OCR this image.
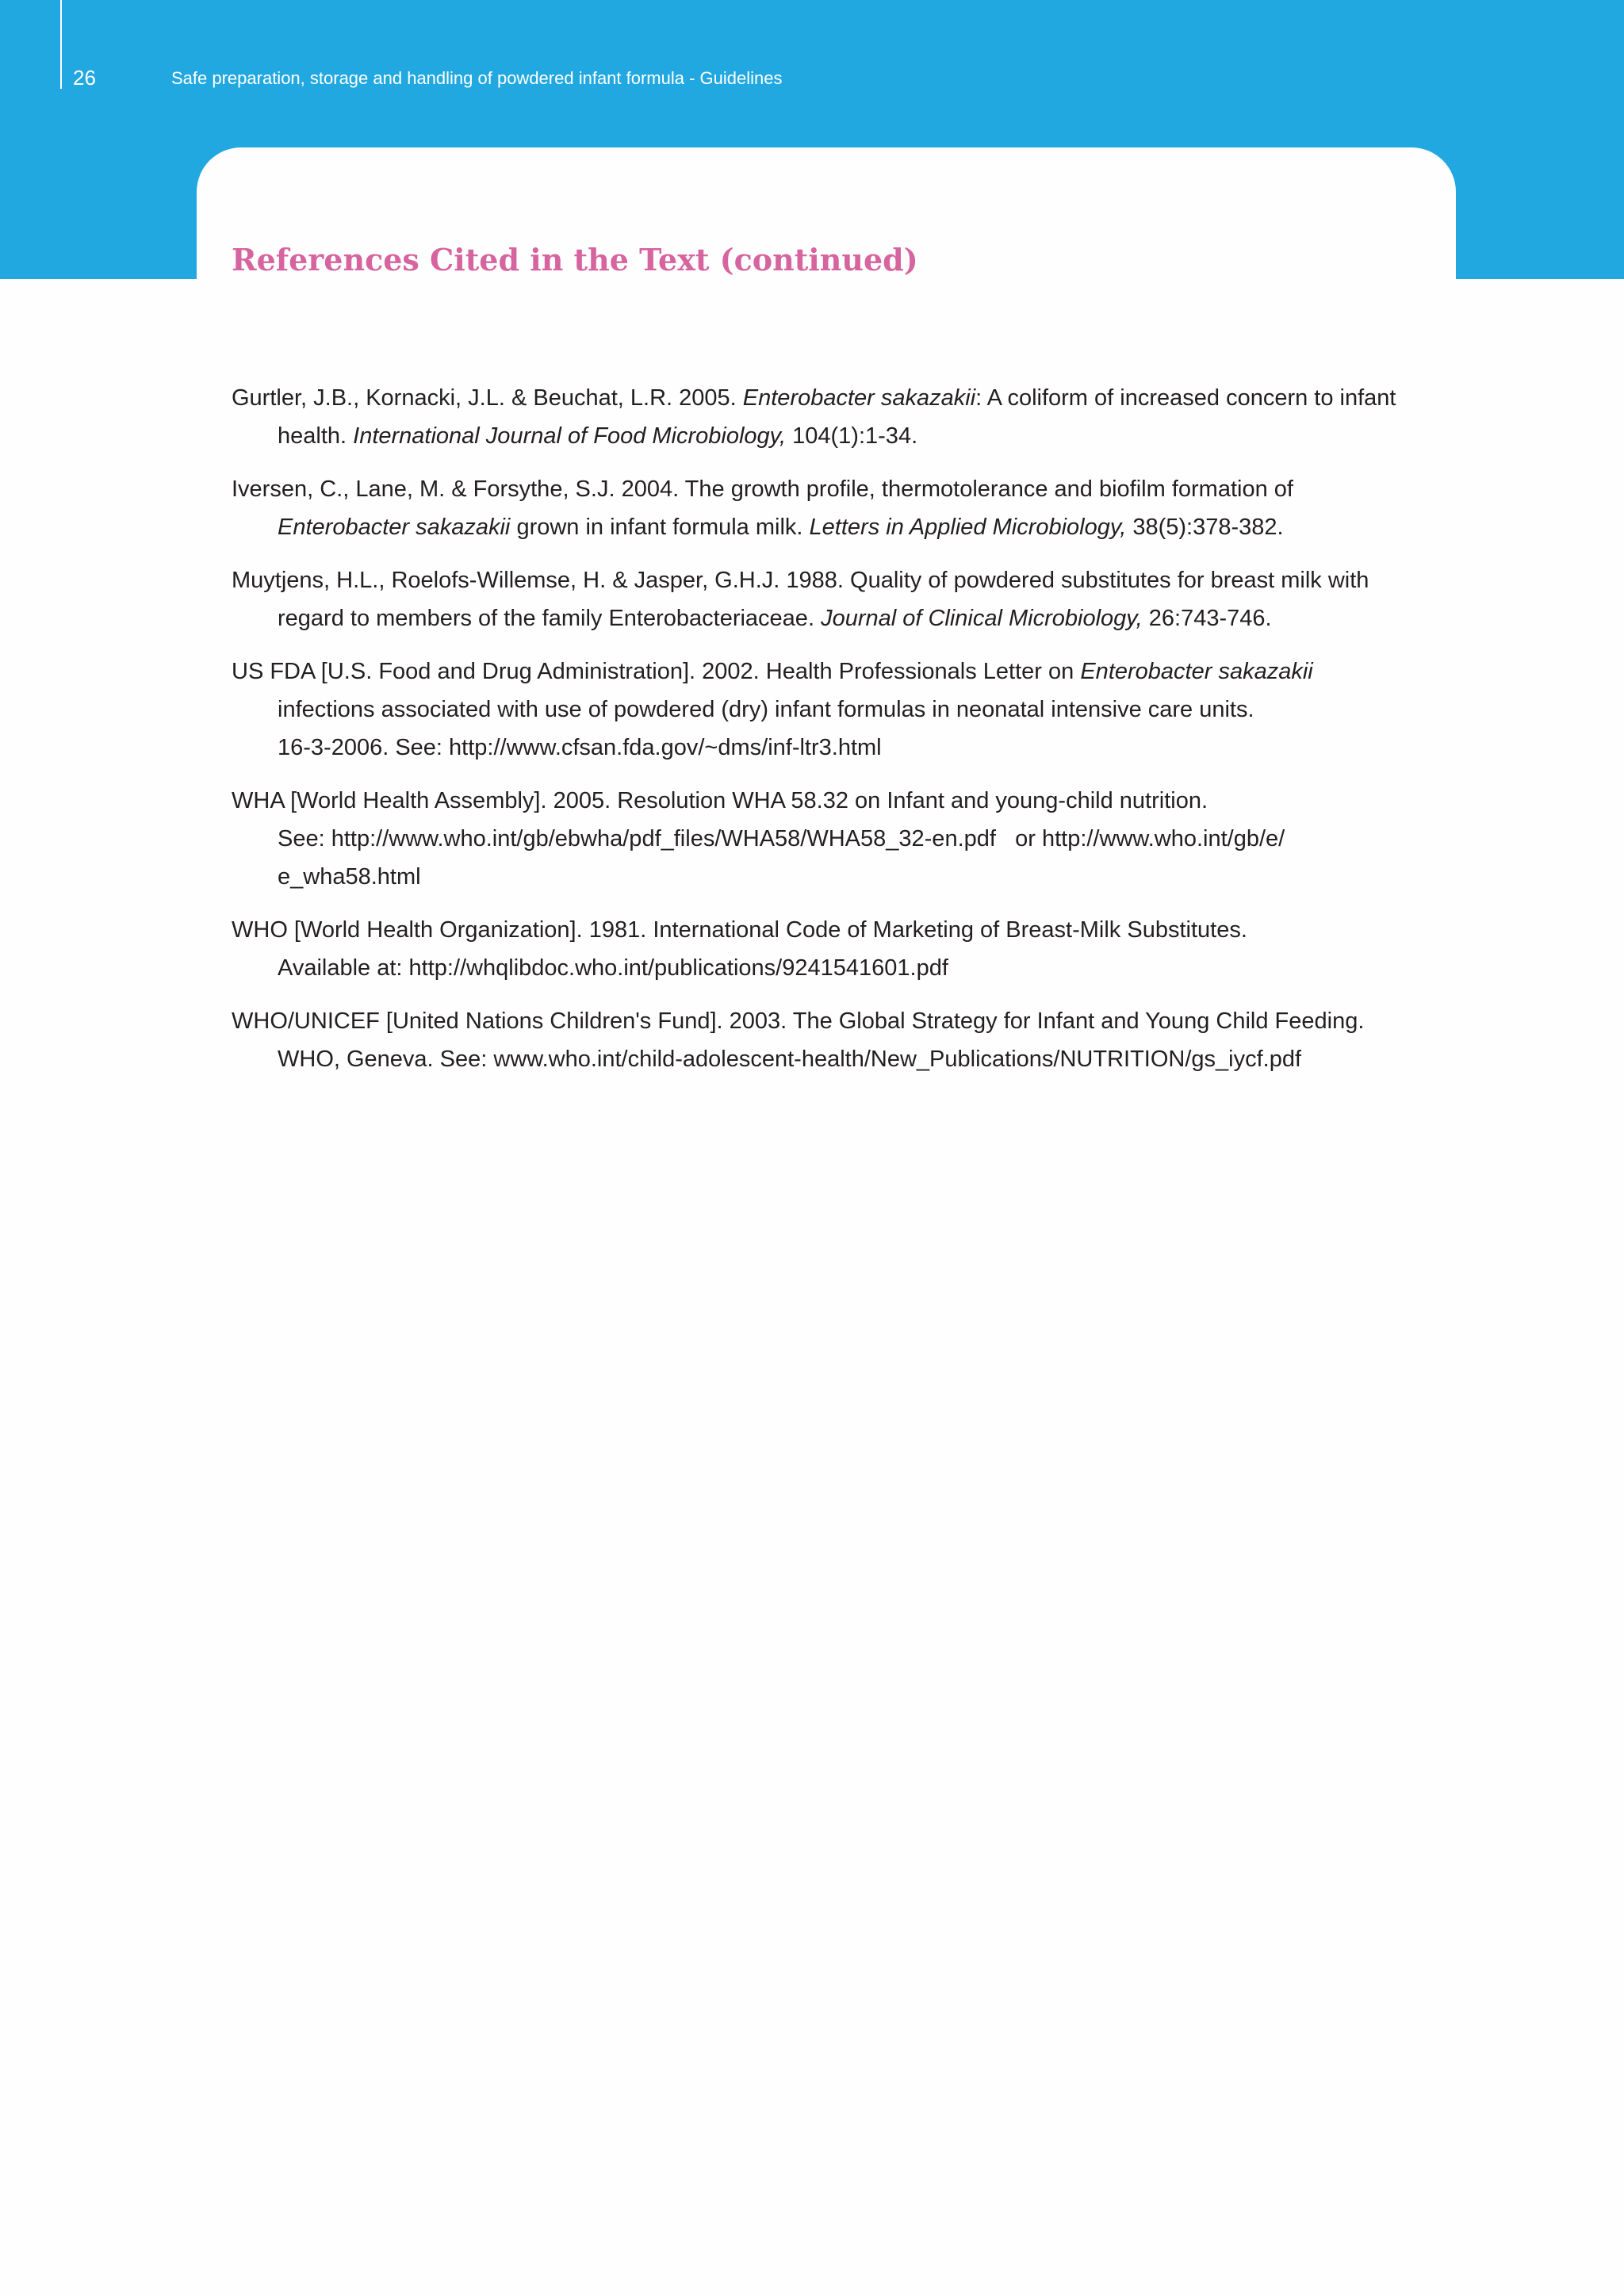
26	Safe preparation, storage and handling of powdered infant formula - Guidelines
References Cited in the Text (continued)

Gurtler, J.B., Kornacki, J.L. & Beuchat, L.R. 2005. Enterobacter sakazakii: A coliform of increased concern to infant health. International Journal of Food Microbiology, 104(1):1-34.

Iversen, C., Lane, M. & Forsythe, S.J. 2004. The growth profile, thermotolerance and biofilm formation of Enterobacter sakazakii grown in infant formula milk. Letters in Applied Microbiology, 38(5):378-382.

Muytjens, H.L., Roelofs-Willemse, H. & Jasper, G.H.J. 1988. Quality of powdered substitutes for breast milk with regard to members of the family Enterobacteriaceae. Journal of Clinical Microbiology, 26:743-746.

US FDA [U.S. Food and Drug Administration]. 2002. Health Professionals Letter on Enterobacter sakazakii
infections associated with use of powdered (dry) infant formulas in neonatal intensive care units.
16-3-2006. See: http://www.cfsan.fda.gov/~dms/inf-ltr3.html

WHA [World Health Assembly]. 2005. Resolution WHA 58.32 on Infant and young-child nutrition.
See: http://www.who.int/gb/ebwha/pdf_files/WHA58/WHA58_32-en.pdf or http://www.who.int/gb/e/
e_wha58.html

WHO [World Health Organization]. 1981. International Code of Marketing of Breast-Milk Substitutes.
Available at: http://whqlibdoc.who.int/publications/9241541601.pdf

WHO/UNICEF [United Nations Children's Fund]. 2003. The Global Strategy for Infant and Young Child Feeding.
WHO, Geneva. See: www.who.int/child-adolescent-health/New_Publications/NUTRITION/gs_iycf.pdf
